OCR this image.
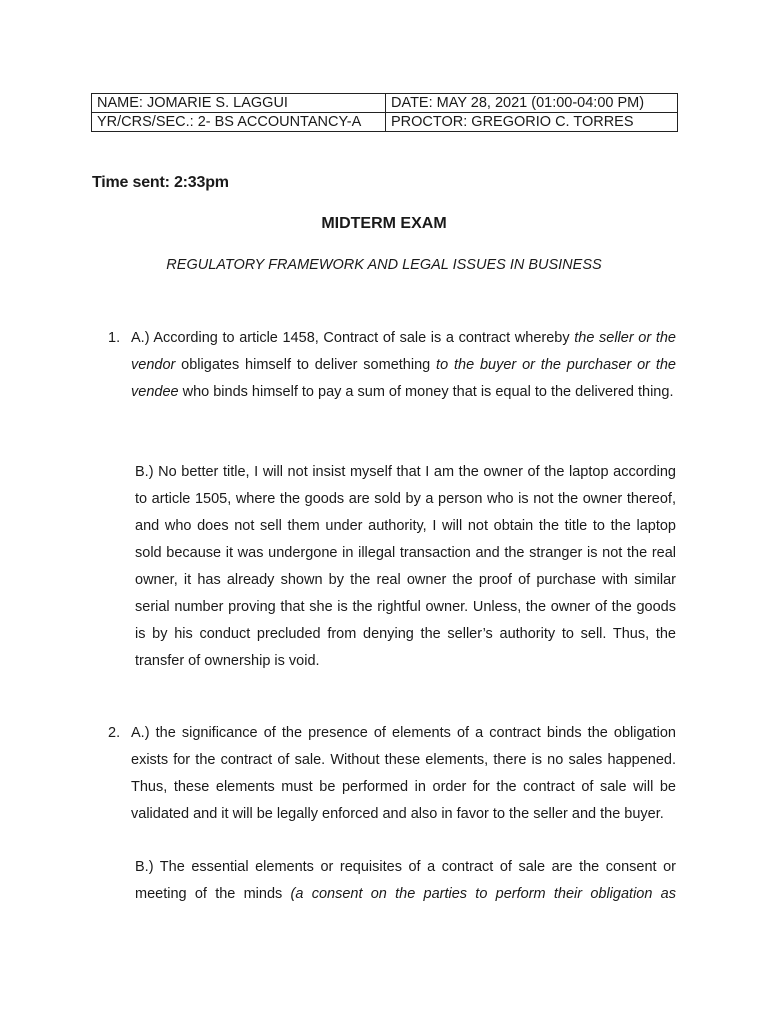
NAME: JOMARIE S. LAGGUI	DATE: MAY 28, 2021 (01:00-04:00 PM)
YR/CRS/SEC.: 2- BS ACCOUNTANCY-A	PROCTOR: GREGORIO C. TORRES
Time sent: 2:33pm
MIDTERM EXAM
REGULATORY FRAMEWORK AND LEGAL ISSUES IN BUSINESS
1. A.) According to article 1458, Contract of sale is a contract whereby the seller or the vendor obligates himself to deliver something to the buyer or the purchaser or the vendee who binds himself to pay a sum of money that is equal to the delivered thing.
B.) No better title, I will not insist myself that I am the owner of the laptop according to article 1505, where the goods are sold by a person who is not the owner thereof, and who does not sell them under authority, I will not obtain the title to the laptop sold because it was undergone in illegal transaction and the stranger is not the real owner, it has already shown by the real owner the proof of purchase with similar serial number proving that she is the rightful owner. Unless, the owner of the goods is by his conduct precluded from denying the seller’s authority to sell. Thus, the transfer of ownership is void.
2. A.) the significance of the presence of elements of a contract binds the obligation exists for the contract of sale. Without these elements, there is no sales happened. Thus, these elements must be performed in order for the contract of sale will be validated and it will be legally enforced and also in favor to the seller and the buyer.
B.) The essential elements or requisites of a contract of sale are the consent or meeting of the minds (a consent on the parties to perform their obligation as
